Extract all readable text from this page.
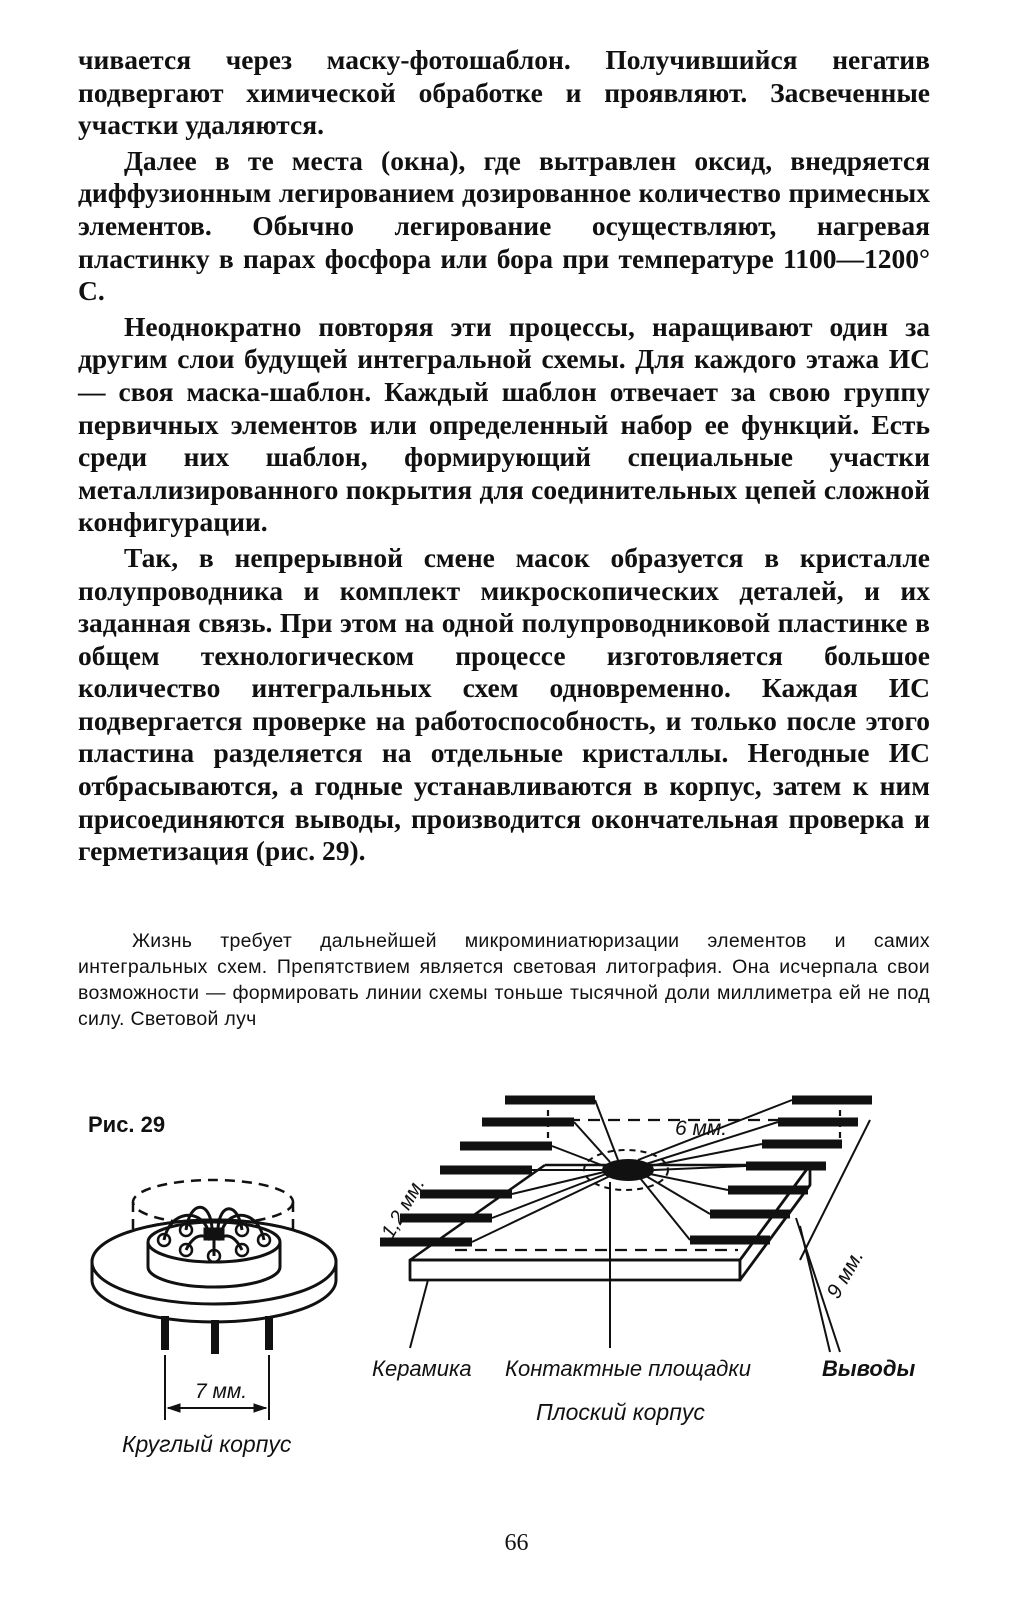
чивается через маску-фотошаблон. Получившийся негатив подвергают химической обработке и проявляют. Засвеченные участки удаляются.

Далее в те места (окна), где вытравлен оксид, внедряется диффузионным легированием дозированное количество примесных элементов. Обычно легирование осуществляют, нагревая пластинку в парах фосфора или бора при температуре 1100—1200° С.

Неоднократно повторяя эти процессы, наращивают один за другим слои будущей интегральной схемы. Для каждого этажа ИС — своя маска-шаблон. Каждый шаблон отвечает за свою группу первичных элементов или определенный набор ее функций. Есть среди них шаблон, формирующий специальные участки металлизированного покрытия для соединительных цепей сложной конфигурации.

Так, в непрерывной смене масок образуется в кристалле полупроводника и комплект микроскопических деталей, и их заданная связь. При этом на одной полупроводниковой пластинке в общем технологическом процессе изготовляется большое количество интегральных схем одновременно. Каждая ИС подвергается проверке на работоспособность, и только после этого пластина разделяется на отдельные кристаллы. Негодные ИС отбрасываются, а годные устанавливаются в корпус, затем к ним присоединяются выводы, производится окончательная проверка и герметизация (рис. 29).

Жизнь требует дальнейшей микроминиатюризации элементов и самих интегральных схем. Препятствием является световая литография. Она исчерпала свои возможности — формировать линии схемы тоньше тысячной доли миллиметра ей не под силу. Световой луч

Рис. 29
7 мм.
Круглый корпус
6 мм.
1,2 мм.
9 мм.
Керамика Контактные площадки	Выводы
Плоский корпус
66
